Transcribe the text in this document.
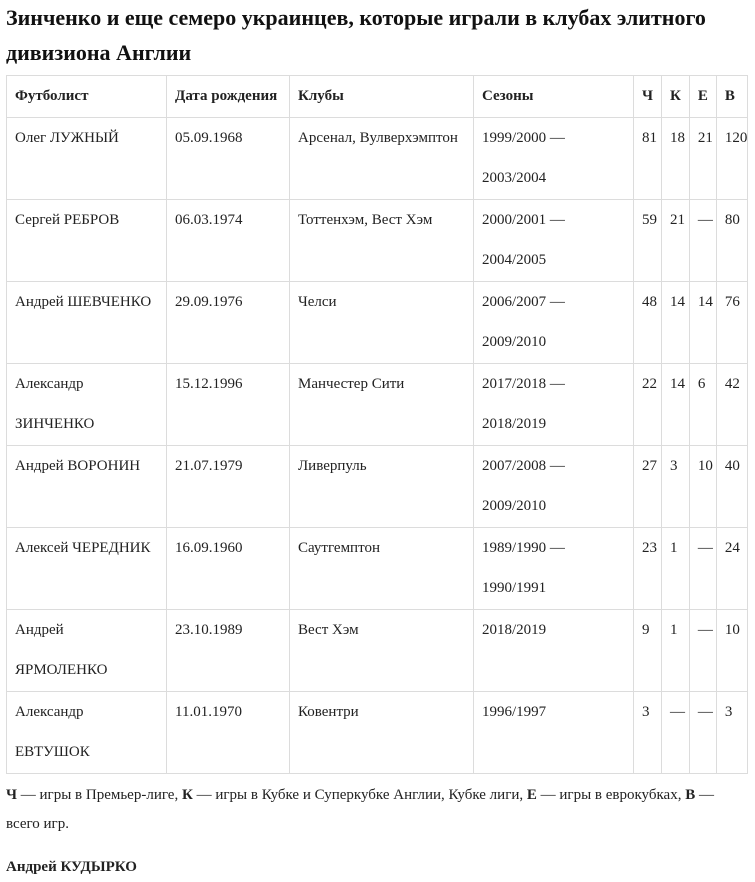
Зинченко и еще семеро украинцев, которые играли в клубах элитного дивизиона Англии
Футболист	Дата рождения	Клубы	Сезоны	Ч	К	Е	В
Олег ЛУЖНЫЙ	05.09.1968	Арсенал, Вулверхэмптон	1999/2000 — 2003/2004	81	18	21	120
Сергей РЕБРОВ	06.03.1974	Тоттенхэм, Вест Хэм	2000/2001 — 2004/2005	59	21	—	80
Андрей ШЕВЧЕНКО	29.09.1976	Челси	2006/2007 — 2009/2010	48	14	14	76
Александр ЗИНЧЕНКО	15.12.1996	Манчестер Сити	2017/2018 — 2018/2019	22	14	6	42
Андрей ВОРОНИН	21.07.1979	Ливерпуль	2007/2008 — 2009/2010	27	3	10	40
Алексей ЧЕРЕДНИК	16.09.1960	Саутгемптон	1989/1990 — 1990/1991	23	1	—	24
Андрей ЯРМОЛЕНКО	23.10.1989	Вест Хэм	2018/2019	9	1	—	10
Александр ЕВТУШОК	11.01.1970	Ковентри	1996/1997	3	—	—	3

Ч — игры в Премьер-лиге, К — игры в Кубке и Суперкубке Англии, Кубке лиги, Е — игры в еврокубках, В — всего игр.

Андрей КУДЫРКО
